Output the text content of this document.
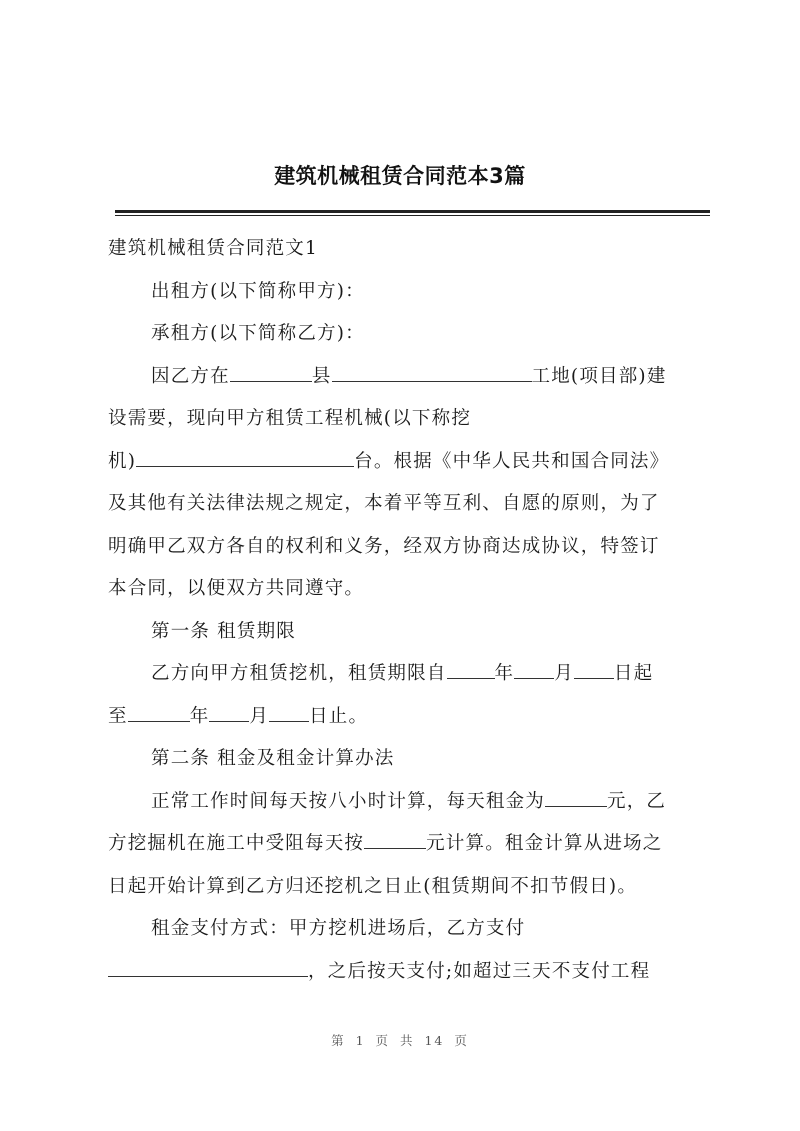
建筑机械租赁合同范本3篇
建筑机械租赁合同范文1
出租方(以下简称甲方)：
承租方(以下简称乙方)：
因乙方在	县	工地(项目部)建
设需要，现向甲方租赁工程机械(以下称挖
机)	台。根据《中华人民共和国合同法》
及其他有关法律法规之规定，本着平等互利、自愿的原则，为了
明确甲乙双方各自的权利和义务，经双方协商达成协议，特签订
本合同，以便双方共同遵守。
第一条 租赁期限
乙方向甲方租赁挖机，租赁期限自	年 月 日起
至	年 月 日止。
第二条 租金及租金计算办法
正常工作时间每天按八小时计算，每天租金为	元，乙
方挖掘机在施工中受阻每天按	元计算。租金计算从进场之
日起开始计算到乙方归还挖机之日止(租赁期间不扣节假日)。
租金支付方式：甲方挖机进场后，乙方支付
，之后按天支付;如超过三天不支付工程
第 1 页 共 14 页
